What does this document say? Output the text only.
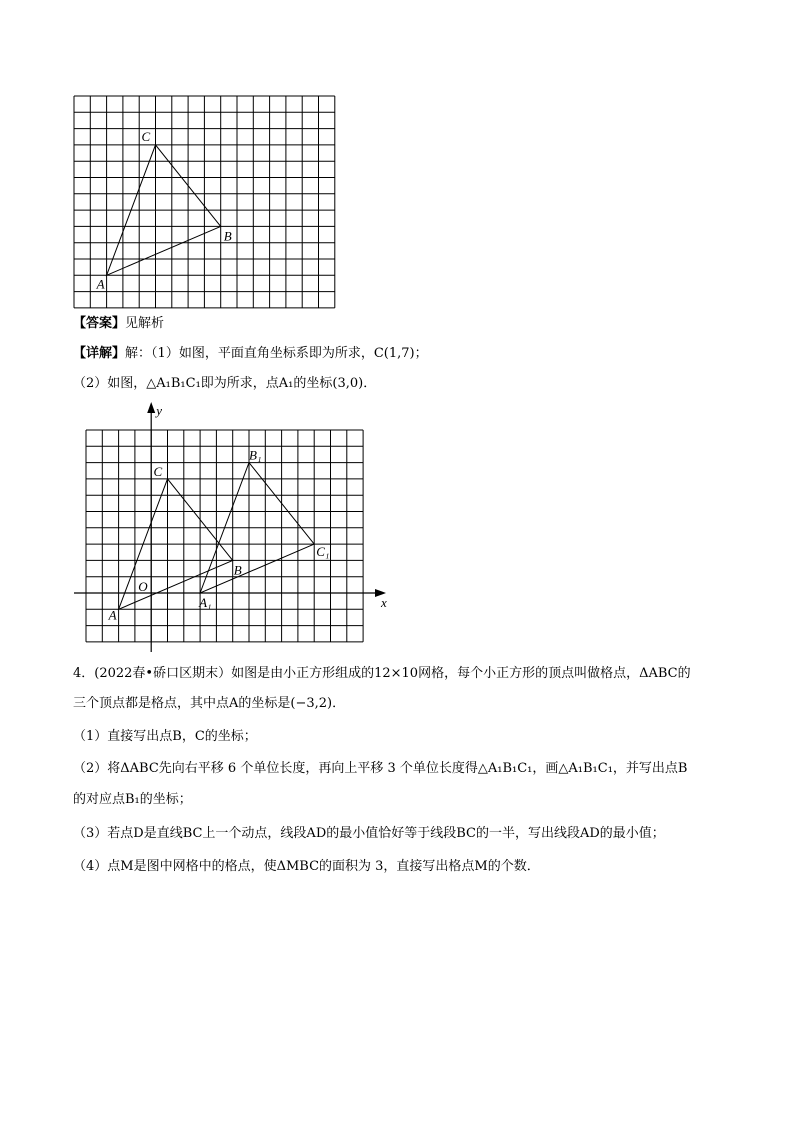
A
B
C
【答案】见解析
【详解】解：（1）如图，平面直角坐标系即为所求，C(1,7)；
（2）如图，△A₁B₁C₁即为所求，点A₁的坐标(3,0)．
x
y
O
A
B
C
A₁
B₁
C₁
4．(2022春•硚口区期末）如图是由小正方形组成的12×10网格，每个小正方形的顶点叫做格点，ΔABC的
三个顶点都是格点，其中点A的坐标是(−3,2)．
（1）直接写出点B，C的坐标；
（2）将ΔABC先向右平移 6 个单位长度，再向上平移 3 个单位长度得△A₁B₁C₁，画△A₁B₁C₁，并写出点B
的对应点B₁的坐标；
（3）若点D是直线BC上一个动点，线段AD的最小值恰好等于线段BC的一半，写出线段AD的最小值；
（4）点M是图中网格中的格点，使ΔMBC的面积为 3，直接写出格点M的个数．
